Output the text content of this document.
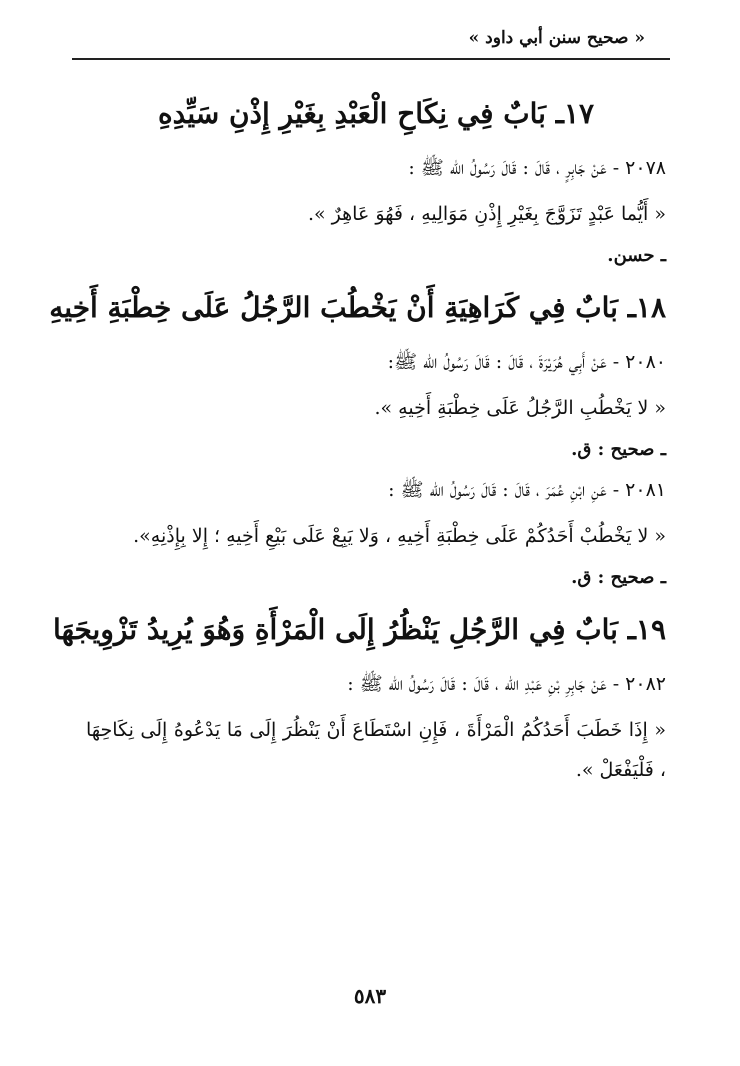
« صحيح سنن أبي داود »
١٧ـ بَابٌ فِي نِكَاحِ الْعَبْدِ بِغَيْرِ إِذْنِ سَيِّدِهِ
٢٠٧٨ - عَنْ جَابِرٍ ، قَالَ : قَالَ رَسُولُ الله ﷺ :
« أَيُّما عَبْدٍ تَزَوَّجَ بِغَيْرِ إِذْنِ مَوَالِيهِ ، فَهُوَ عَاهِرٌ ».
ـ حسن.
١٨ـ بَابٌ فِي كَرَاهِيَةِ أَنْ يَخْطُبَ الرَّجُلُ عَلَى خِطْبَةِ أَخِيهِ
٢٠٨٠ - عَنْ أَبِي هُرَيْرَةَ ، قَالَ : قَالَ رَسُولُ الله ﷺ:
« لا يَخْطُبِ الرَّجُلُ عَلَى خِطْبَةِ أَخِيهِ ».
ـ صحيح : ق.
٢٠٨١ - عَنِ ابْنِ عُمَرَ ، قَالَ : قَالَ رَسُولُ الله ﷺ :
« لا يَخْطُبْ أَحَدُكُمْ عَلَى خِطْبَةِ أَخِيهِ ، وَلا يَبِعْ عَلَى بَيْعِ أَخِيهِ ؛ إِلا بِإِذْنِهِ».
ـ صحيح : ق.
١٩ـ بَابٌ فِي الرَّجُلِ يَنْظُرُ إِلَى الْمَرْأَةِ وَهُوَ يُرِيدُ تَزْوِيجَهَا
٢٠٨٢ - عَنْ جَابِرِ بْنِ عَبْدِ الله ، قَالَ : قَالَ رَسُولُ الله ﷺ :
« إِذَا خَطَبَ أَحَدُكُمُ الْمَرْأَةَ ، فَإِنِ اسْتَطَاعَ أَنْ يَنْظُرَ إِلَى مَا يَدْعُوهُ إِلَى نِكَاحِهَا ، فَلْيَفْعَلْ ».
٥٨٣
